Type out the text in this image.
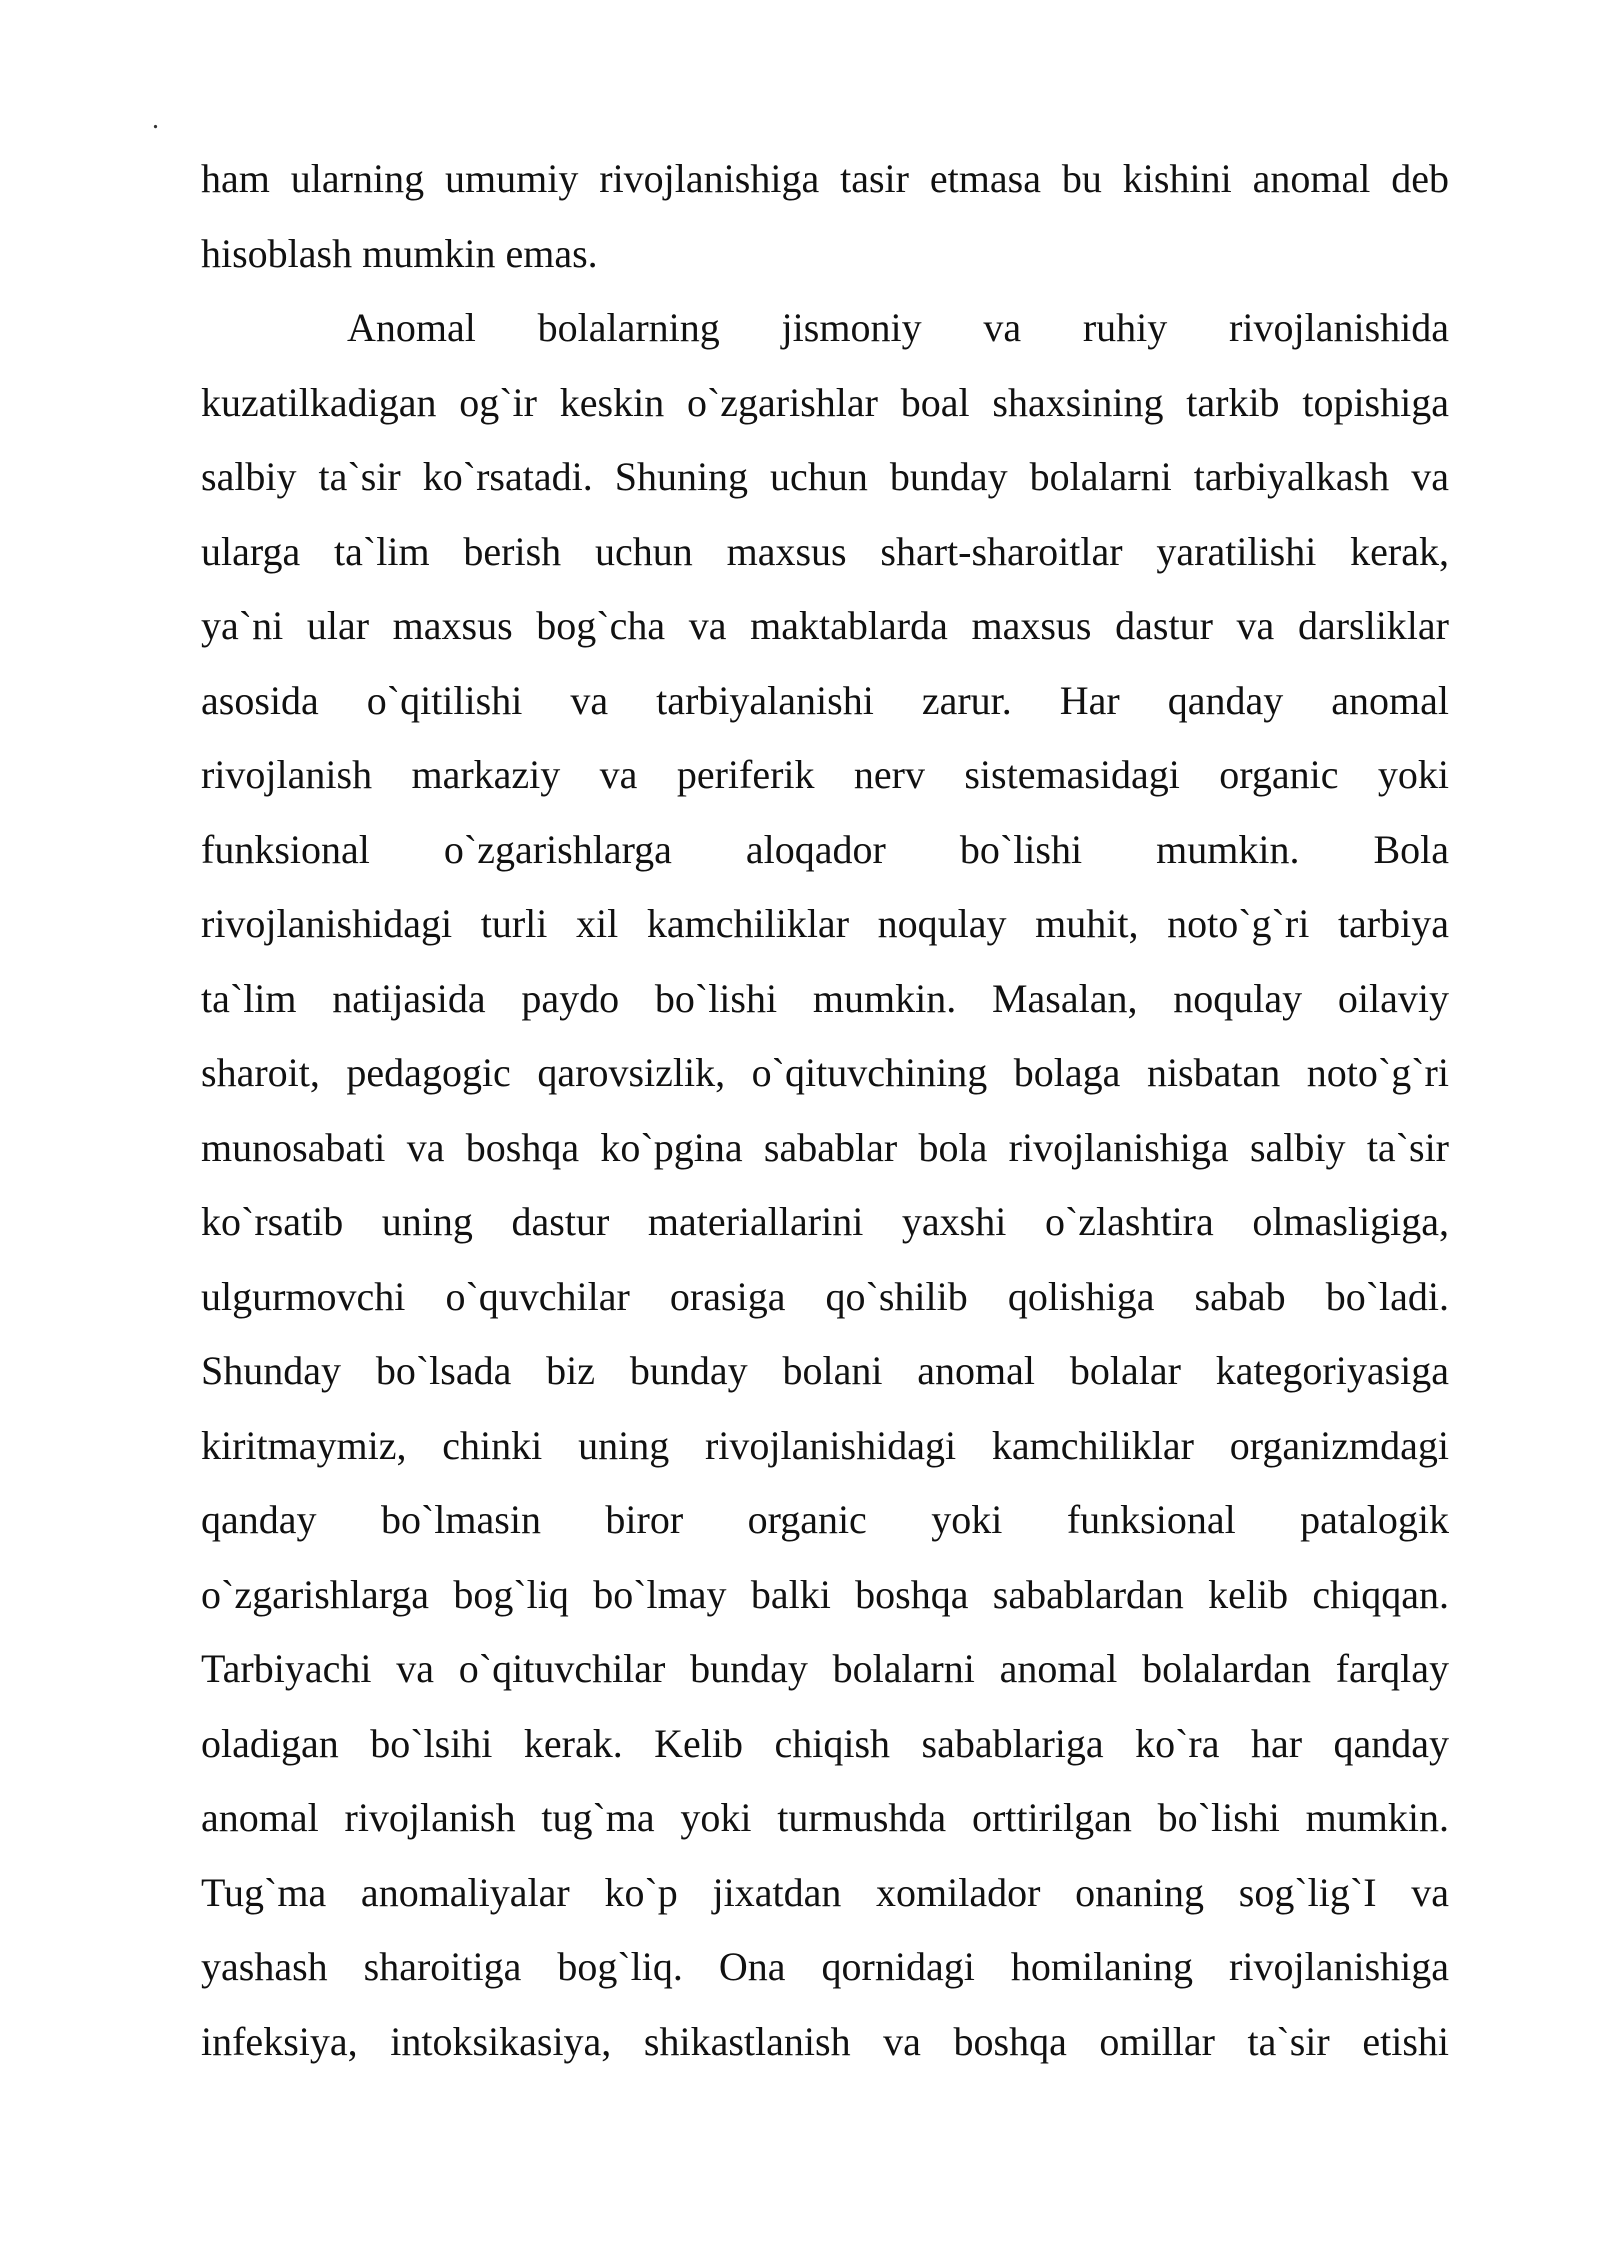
.
ham ularning umumiy rivojlanishiga tasir etmasa bu kishini anomal deb
hisoblash mumkin emas.
Anomal bolalarning jismoniy va ruhiy rivojlanishida
kuzatilkadigan og`ir keskin o`zgarishlar boal shaxsining tarkib topishiga
salbiy ta`sir ko`rsatadi. Shuning uchun bunday bolalarni tarbiyalkash va
ularga ta`lim berish uchun maxsus shart-sharoitlar yaratilishi kerak,
ya`ni ular maxsus bog`cha va maktablarda maxsus dastur va darsliklar
asosida o`qitilishi va tarbiyalanishi zarur. Har qanday anomal
rivojlanish markaziy va periferik nerv sistemasidagi organic yoki
funksional o`zgarishlarga aloqador bo`lishi mumkin. Bola
rivojlanishidagi turli xil kamchiliklar noqulay muhit, noto`g`ri tarbiya
ta`lim natijasida paydo bo`lishi mumkin. Masalan, noqulay oilaviy
sharoit, pedagogic qarovsizlik, o`qituvchining bolaga nisbatan noto`g`ri
munosabati va boshqa ko`pgina sabablar bola rivojlanishiga salbiy ta`sir
ko`rsatib uning dastur materiallarini yaxshi o`zlashtira olmasligiga,
ulgurmovchi o`quvchilar orasiga qo`shilib qolishiga sabab bo`ladi.
Shunday bo`lsada biz bunday bolani anomal bolalar kategoriyasiga
kiritmaymiz, chinki uning rivojlanishidagi kamchiliklar organizmdagi
qanday bo`lmasin biror organic yoki funksional patalogik
o`zgarishlarga bog`liq bo`lmay balki boshqa sabablardan kelib chiqqan.
Tarbiyachi va o`qituvchilar bunday bolalarni anomal bolalardan farqlay
oladigan bo`lsihi kerak. Kelib chiqish sabablariga ko`ra har qanday
anomal rivojlanish tug`ma yoki turmushda orttirilgan bo`lishi mumkin.
Tug`ma anomaliyalar ko`p jixatdan xomilador onaning sog`lig`I va
yashash sharoitiga bog`liq. Ona qornidagi homilaning rivojlanishiga
infeksiya, intoksikasiya, shikastlanish va boshqa omillar ta`sir etishi
